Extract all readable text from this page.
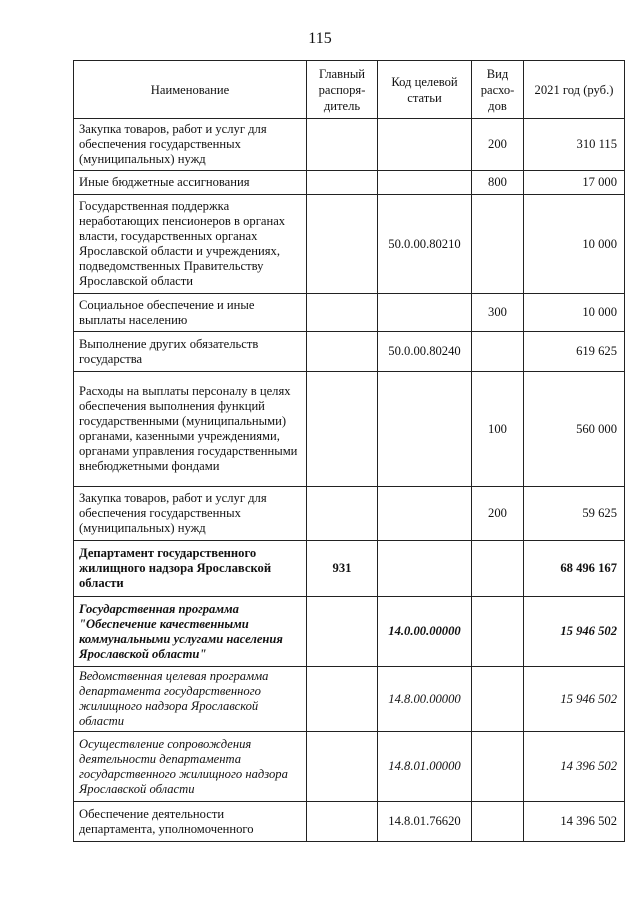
115
Наименование	Главный распоря-дитель	Код целевой статьи	Вид расхо-дов	2021 год (руб.)
Закупка товаров, работ и услуг для обеспечения государственных (муниципальных) нужд			200	310 115
Иные бюджетные ассигнования			800	17 000
Государственная поддержка неработающих пенсионеров в органах власти, государственных органах Ярославской области и учреждениях, подведомственных Правительству Ярославской области		50.0.00.80210		10 000
Социальное обеспечение и иные выплаты населению			300	10 000
Выполнение других обязательств государства		50.0.00.80240		619 625
Расходы на выплаты персоналу в целях обеспечения выполнения функций государственными (муниципальными) органами, казенными учреждениями, органами управления государственными внебюджетными фондами			100	560 000
Закупка товаров, работ и услуг для обеспечения государственных (муниципальных) нужд			200	59 625
Департамент государственного жилищного надзора Ярославской области	931			68 496 167
Государственная программа "Обеспечение качественными коммунальными услугами населения Ярославской области"		14.0.00.00000		15 946 502
Ведомственная целевая программа департамента государственного жилищного надзора Ярославской области		14.8.00.00000		15 946 502
Осуществление сопровождения деятельности департамента государственного жилищного надзора Ярославской области		14.8.01.00000		14 396 502
Обеспечение деятельности департамента, уполномоченного		14.8.01.76620		14 396 502
